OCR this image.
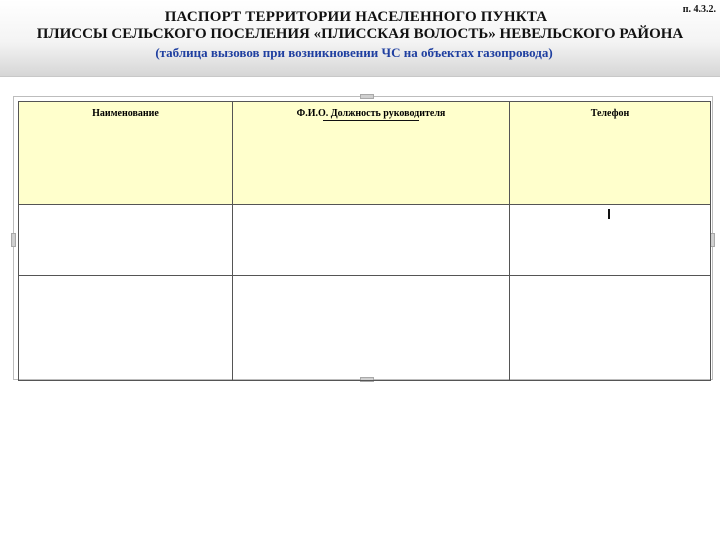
п. 4.3.2.
ПАСПОРТ ТЕРРИТОРИИ НАСЕЛЕННОГО ПУНКТА
ПЛИССЫ СЕЛЬСКОГО ПОСЕЛЕНИЯ «ПЛИССКАЯ ВОЛОСТЬ» НЕВЕЛЬСКОГО РАЙОНА
(таблица вызовов при возникновении ЧС на объектах газопровода)
Наименование	Ф.И.О. Должность руководителя	Телефон
